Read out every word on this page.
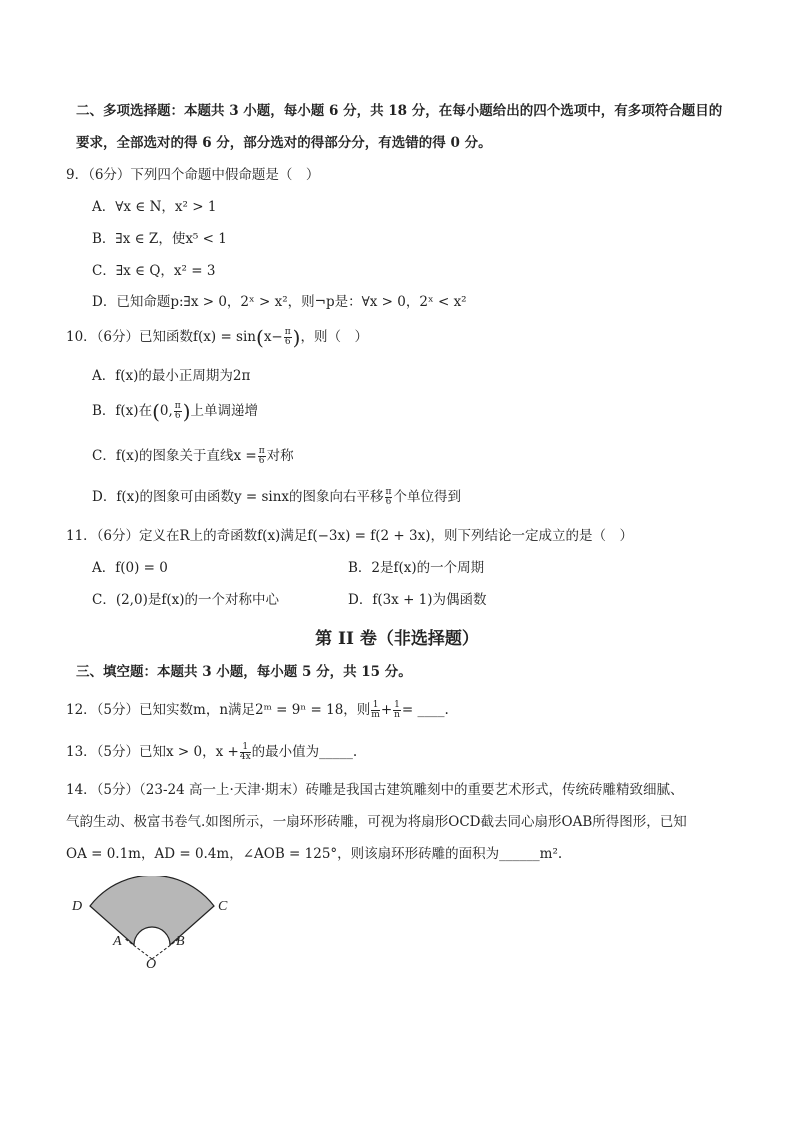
二、多项选择题：本题共 3 小题，每小题 6 分，共 18 分，在每小题给出的四个选项中，有多项符合题目的
要求，全部选对的得 6 分，部分选对的得部分分，有选错的得 0 分。
9．（6分）下列四个命题中假命题是（　）
A．∀x ∈ N，x² > 1
B．∃x ∈ Z，使x⁵ < 1
C．∃x ∈ Q，x² = 3
D．已知命题p:∃x > 0，2ˣ > x²，则¬p是：∀x > 0，2ˣ < x²
10．（6分）已知函数$f(x) = \sin(x- \frac{\pi}{6}$ )，则（　）
A．f(x)的最小正周期为2π
B．f(x)在(0, $\frac{\pi}{6}$ )上单调递增
C．f(x)的图象关于直线$x = \frac{\pi}{6}$ 对称
D．f(x)的图象可由函数y = sinx的图象向右平移 $\frac{\pi}{6}$ 个单位得到
11．（6分）定义在R上的奇函数f(x)满足f(−3x) = f(2 + 3x)，则下列结论一定成立的是（　）
A．f(0) = 0	B．2是f(x)的一个周期
C．(2,0)是f(x)的一个对称中心	D．f(3x + 1)为偶函数
第 II 卷（非选择题）
三、填空题：本题共 3 小题，每小题 5 分，共 15 分。
12．（5分）已知实数m，n满足2ᵐ = 9ⁿ = 18，则 $\frac{1}{m} + \frac{1}{n}$ = ____.
13．（5分）已知x > 0，$x + \frac{1}{4x}$ 的最小值为_____.
14．（5分）（23-24 高一上·天津·期末）砖雕是我国古建筑雕刻中的重要艺术形式，传统砖雕精致细腻、
气韵生动、极富书卷气.如图所示，一扇环形砖雕，可视为将扇形OCD截去同心扇形OAB所得图形，已知
OA = 0.1m，AD = 0.4m，∠AOB = 125°，则该扇环形砖雕的面积为______m².
D	C
A	B
O
